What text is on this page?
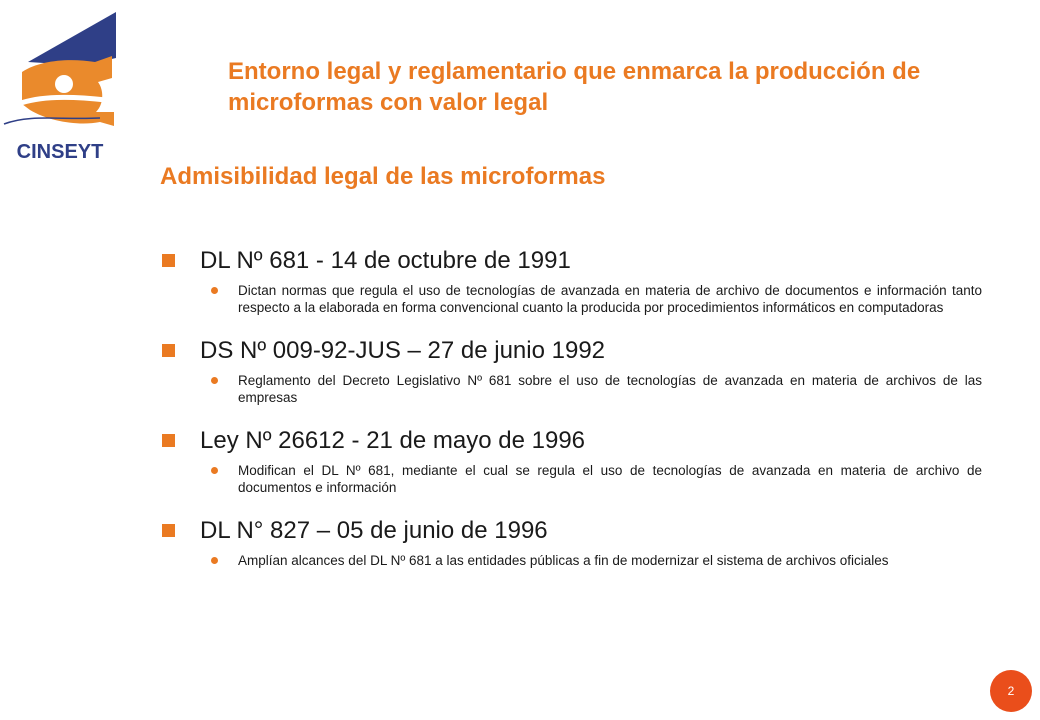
CINSEYT
Entorno legal y reglamentario que enmarca la producción de microformas con valor legal
Admisibilidad legal de las microformas
DL Nº 681 - 14 de octubre de 1991
Dictan normas que regula el uso de tecnologías de avanzada en materia de archivo de documentos e información tanto respecto a la elaborada en forma convencional cuanto la producida por procedimientos informáticos en computadoras
DS Nº 009-92-JUS – 27 de junio 1992
Reglamento del Decreto Legislativo Nº 681 sobre el uso de tecnologías de avanzada en materia de archivos de las empresas
Ley Nº 26612 - 21 de mayo de 1996
Modifican el DL Nº 681, mediante el cual se regula el uso de tecnologías de avanzada en materia de archivo de documentos e información
DL N° 827 – 05 de junio de 1996
Amplían alcances del DL Nº 681 a las entidades públicas a fin de modernizar el sistema de archivos oficiales
2
